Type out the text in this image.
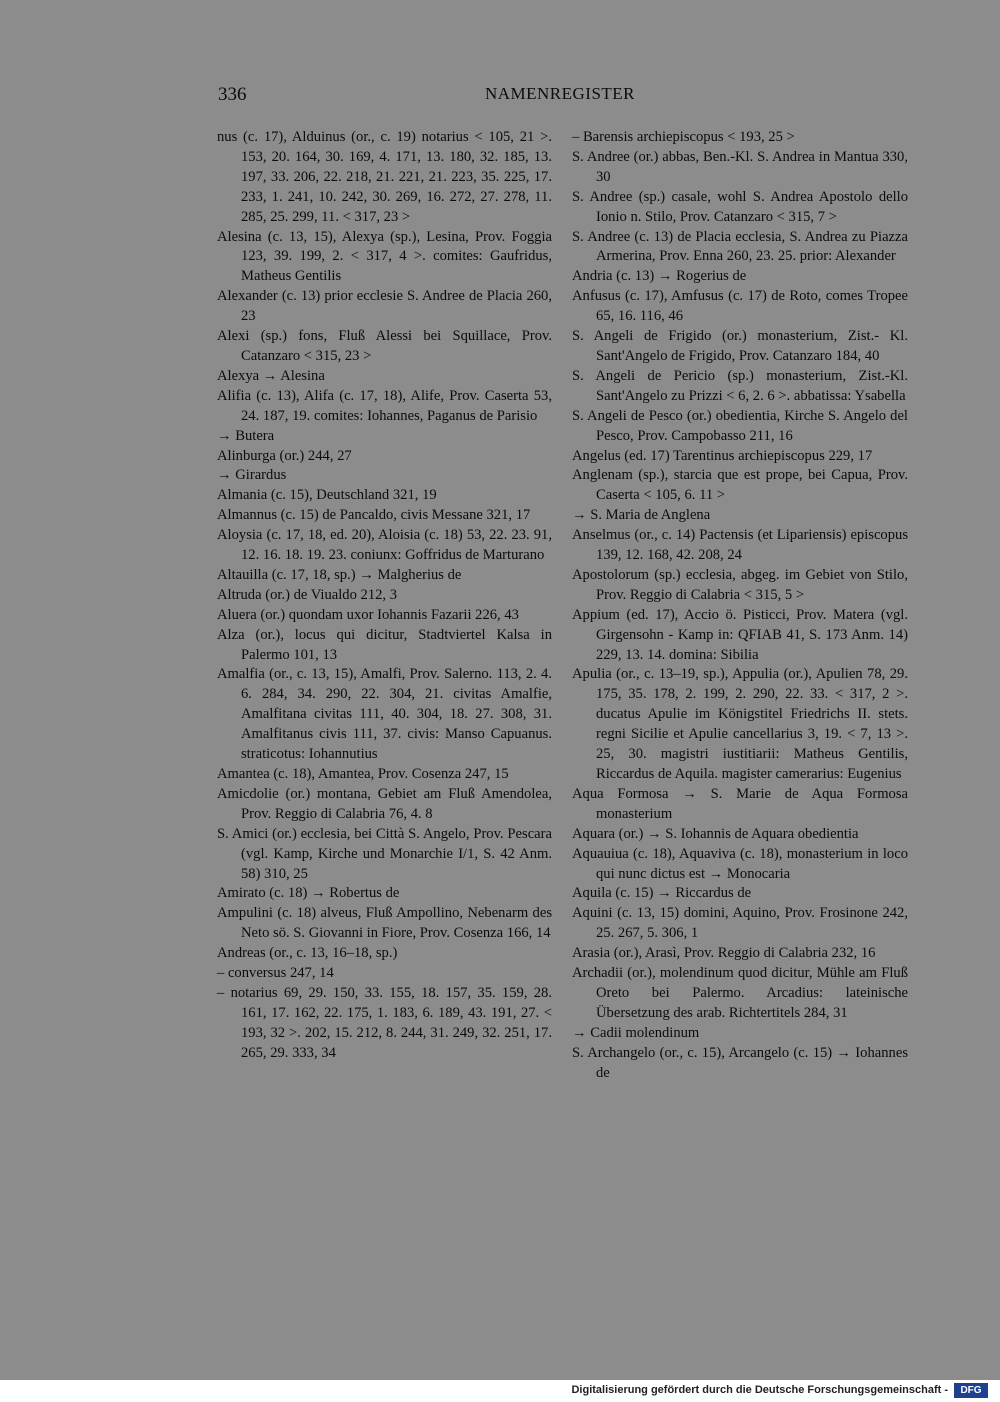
336	NAMENREGISTER
nus (c. 17), Alduinus (or., c. 19) notarius < 105, 21 >. 153, 20. 164, 30. 169, 4. 171, 13. 180, 32. 185, 13. 197, 33. 206, 22. 218, 21. 221, 21. 223, 35. 225, 17. 233, 1. 241, 10. 242, 30. 269, 16. 272, 27. 278, 11. 285, 25. 299, 11. < 317, 23 >
Alesina (c. 13, 15), Alexya (sp.), Lesina, Prov. Foggia 123, 39. 199, 2. < 317, 4 >. comites: Gaufridus, Matheus Gentilis
Alexander (c. 13) prior ecclesie S. Andree de Placia 260, 23
Alexi (sp.) fons, Fluß Alessi bei Squillace, Prov. Catanzaro < 315, 23 >
Alexya → Alesina
Alifia (c. 13), Alifa (c. 17, 18), Alife, Prov. Caserta 53, 24. 187, 19. comites: Iohannes, Paganus de Parisio
→ Butera
Alinburga (or.) 244, 27
→ Girardus
Almania (c. 15), Deutschland 321, 19
Almannus (c. 15) de Pancaldo, civis Messane 321, 17
Aloysia (c. 17, 18, ed. 20), Aloisia (c. 18) 53, 22. 23. 91, 12. 16. 18. 19. 23. coniunx: Goffridus de Marturano
Altauilla (c. 17, 18, sp.) → Malgherius de
Altruda (or.) de Viualdo 212, 3
Aluera (or.) quondam uxor Iohannis Fazarii 226, 43
Alza (or.), locus qui dicitur, Stadtviertel Kalsa in Palermo 101, 13
Amalfia (or., c. 13, 15), Amalfi, Prov. Salerno. 113, 2. 4. 6. 284, 34. 290, 22. 304, 21. civitas Amalfie, Amalfitana civitas 111, 40. 304, 18. 27. 308, 31. Amalfitanus civis 111, 37. civis: Manso Capuanus. straticotus: Iohannutius
Amantea (c. 18), Amantea, Prov. Cosenza 247, 15
Amicdolie (or.) montana, Gebiet am Fluß Amendolea, Prov. Reggio di Calabria 76, 4. 8
S. Amici (or.) ecclesia, bei Città S. Angelo, Prov. Pescara (vgl. Kamp, Kirche und Monarchie I/1, S. 42 Anm. 58) 310, 25
Amirato (c. 18) → Robertus de
Ampulini (c. 18) alveus, Fluß Ampollino, Nebenarm des Neto sö. S. Giovanni in Fiore, Prov. Cosenza 166, 14
Andreas (or., c. 13, 16–18, sp.)
– conversus 247, 14
– notarius 69, 29. 150, 33. 155, 18. 157, 35. 159, 28. 161, 17. 162, 22. 175, 1. 183, 6. 189, 43. 191, 27. < 193, 32 >. 202, 15. 212, 8. 244, 31. 249, 32. 251, 17. 265, 29. 333, 34
– Barensis archiepiscopus < 193, 25 >
S. Andree (or.) abbas, Ben.-Kl. S. Andrea in Mantua 330, 30
S. Andree (sp.) casale, wohl S. Andrea Apostolo dello Ionio n. Stilo, Prov. Catanzaro < 315, 7 >
S. Andree (c. 13) de Placia ecclesia, S. Andrea zu Piazza Armerina, Prov. Enna 260, 23. 25. prior: Alexander
Andria (c. 13) → Rogerius de
Anfusus (c. 17), Amfusus (c. 17) de Roto, comes Tropee 65, 16. 116, 46
S. Angeli de Frigido (or.) monasterium, Zist.- Kl. Sant'Angelo de Frigido, Prov. Catanzaro 184, 40
S. Angeli de Pericio (sp.) monasterium, Zist.-Kl. Sant'Angelo zu Prizzi < 6, 2. 6 >. abbatissa: Ysabella
S. Angeli de Pesco (or.) obedientia, Kirche S. Angelo del Pesco, Prov. Campobasso 211, 16
Angelus (ed. 17) Tarentinus archiepiscopus 229, 17
Anglenam (sp.), starcia que est prope, bei Capua, Prov. Caserta < 105, 6. 11 >
→ S. Maria de Anglena
Anselmus (or., c. 14) Pactensis (et Lipariensis) episcopus 139, 12. 168, 42. 208, 24
Apostolorum (sp.) ecclesia, abgeg. im Gebiet von Stilo, Prov. Reggio di Calabria < 315, 5 >
Appium (ed. 17), Accio ö. Pisticci, Prov. Matera (vgl. Girgensohn - Kamp in: QFIAB 41, S. 173 Anm. 14) 229, 13. 14. domina: Sibilia
Apulia (or., c. 13–19, sp.), Appulia (or.), Apulien 78, 29. 175, 35. 178, 2. 199, 2. 290, 22. 33. < 317, 2 >. ducatus Apulie im Königstitel Friedrichs II. stets. regni Sicilie et Apulie cancellarius 3, 19. < 7, 13 >. 25, 30. magistri iustitiarii: Matheus Gentilis, Riccardus de Aquila. magister camerarius: Eugenius
Aqua Formosa → S. Marie de Aqua Formosa monasterium
Aquara (or.) → S. Iohannis de Aquara obedientia
Aquauiua (c. 18), Aquaviva (c. 18), monasterium in loco qui nunc dictus est → Monocaria
Aquila (c. 15) → Riccardus de
Aquini (c. 13, 15) domini, Aquino, Prov. Frosinone 242, 25. 267, 5. 306, 1
Arasia (or.), Arasì, Prov. Reggio di Calabria 232, 16
Archadii (or.), molendinum quod dicitur, Mühle am Fluß Oreto bei Palermo. Arcadius: lateinische Übersetzung des arab. Richtertitels 284, 31
→ Cadii molendinum
S. Archangelo (or., c. 15), Arcangelo (c. 15) → Iohannes de
Digitalisierung gefördert durch die Deutsche Forschungsgemeinschaft -	DFG
